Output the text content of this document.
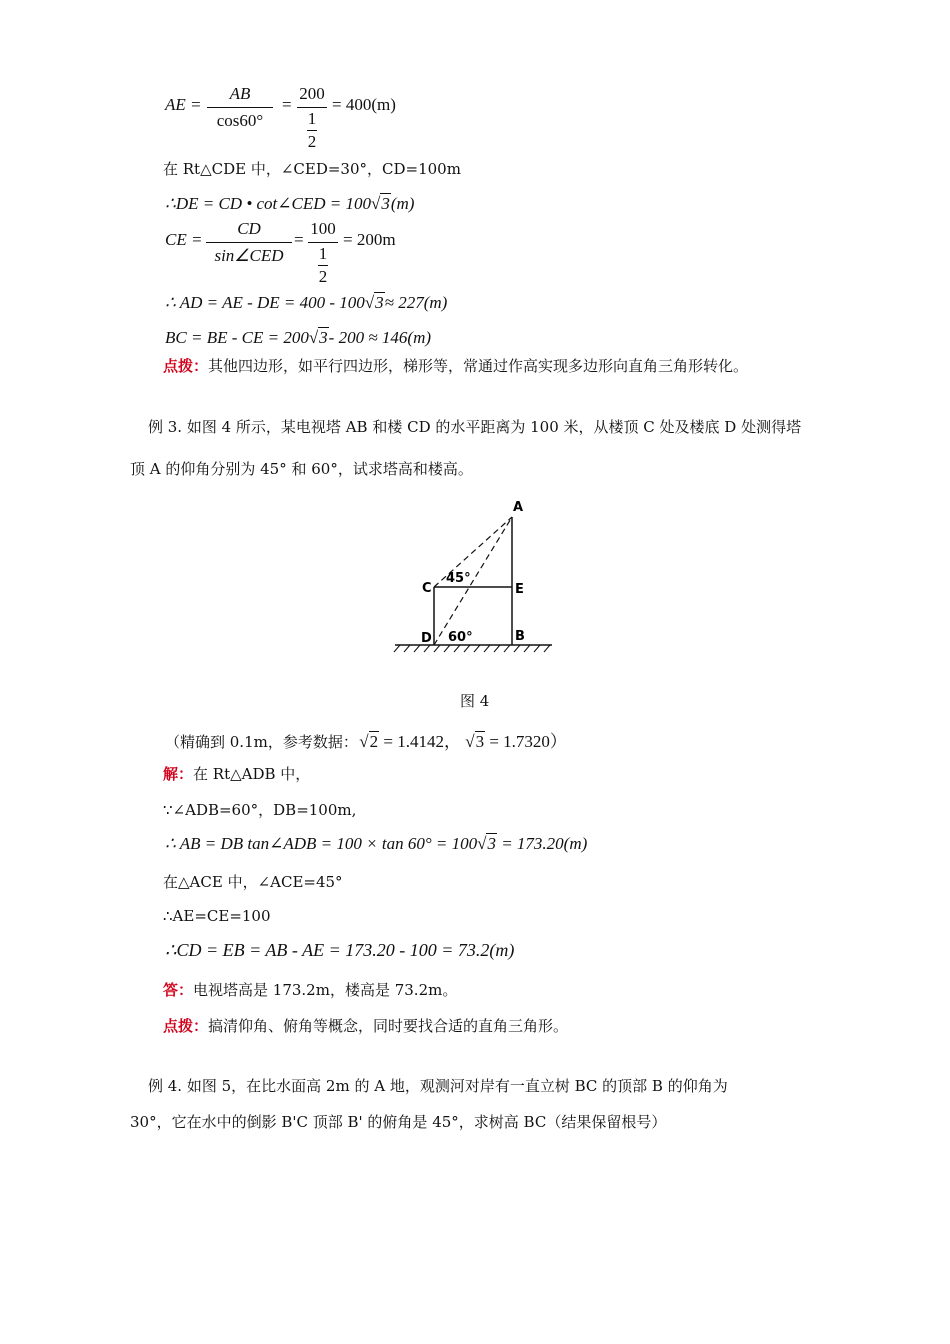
AE =
AB
cos60°
=
200
1
2
= 400(m)
在 Rt△CDE 中，∠CED=30°，CD=100m
∴DE = CD • cot∠CED = 100√3(m)
CE =
CD
sin∠CED
=
100
1
2
= 200m
∴ AD = AE - DE = 400 - 100√3≈ 227(m)
BC = BE - CE = 200√3- 200 ≈ 146(m)
点拨：其他四边形，如平行四边形，梯形等，常通过作高实现多边形向直角三角形转化。
例 3. 如图 4 所示，某电视塔 AB 和楼 CD 的水平距离为 100 米，从楼顶 C 处及楼底 D 处测得塔
顶 A 的仰角分别为 45° 和 60°，试求塔高和楼高。
A
E
B
C
D
45°
60°
图 4
（精确到 0.1m，参考数据： √2 = 1.4142， √3 = 1.7320）
解：在 Rt△ADB 中，
∵∠ADB=60°，DB=100m,
∴ AB = DB tan∠ADB = 100 × tan 60° = 100√3 = 173.20(m)
在△ACE 中，∠ACE=45°
∴AE=CE=100
∴CD = EB = AB - AE = 173.20 - 100 = 73.2(m)
答：电视塔高是 173.2m，楼高是 73.2m。
点拨：搞清仰角、俯角等概念，同时要找合适的直角三角形。
例 4. 如图 5，在比水面高 2m 的 A 地，观测河对岸有一直立树 BC 的顶部 B 的仰角为
30°，它在水中的倒影 B'C 顶部 B' 的俯角是 45°，求树高 BC（结果保留根号）
